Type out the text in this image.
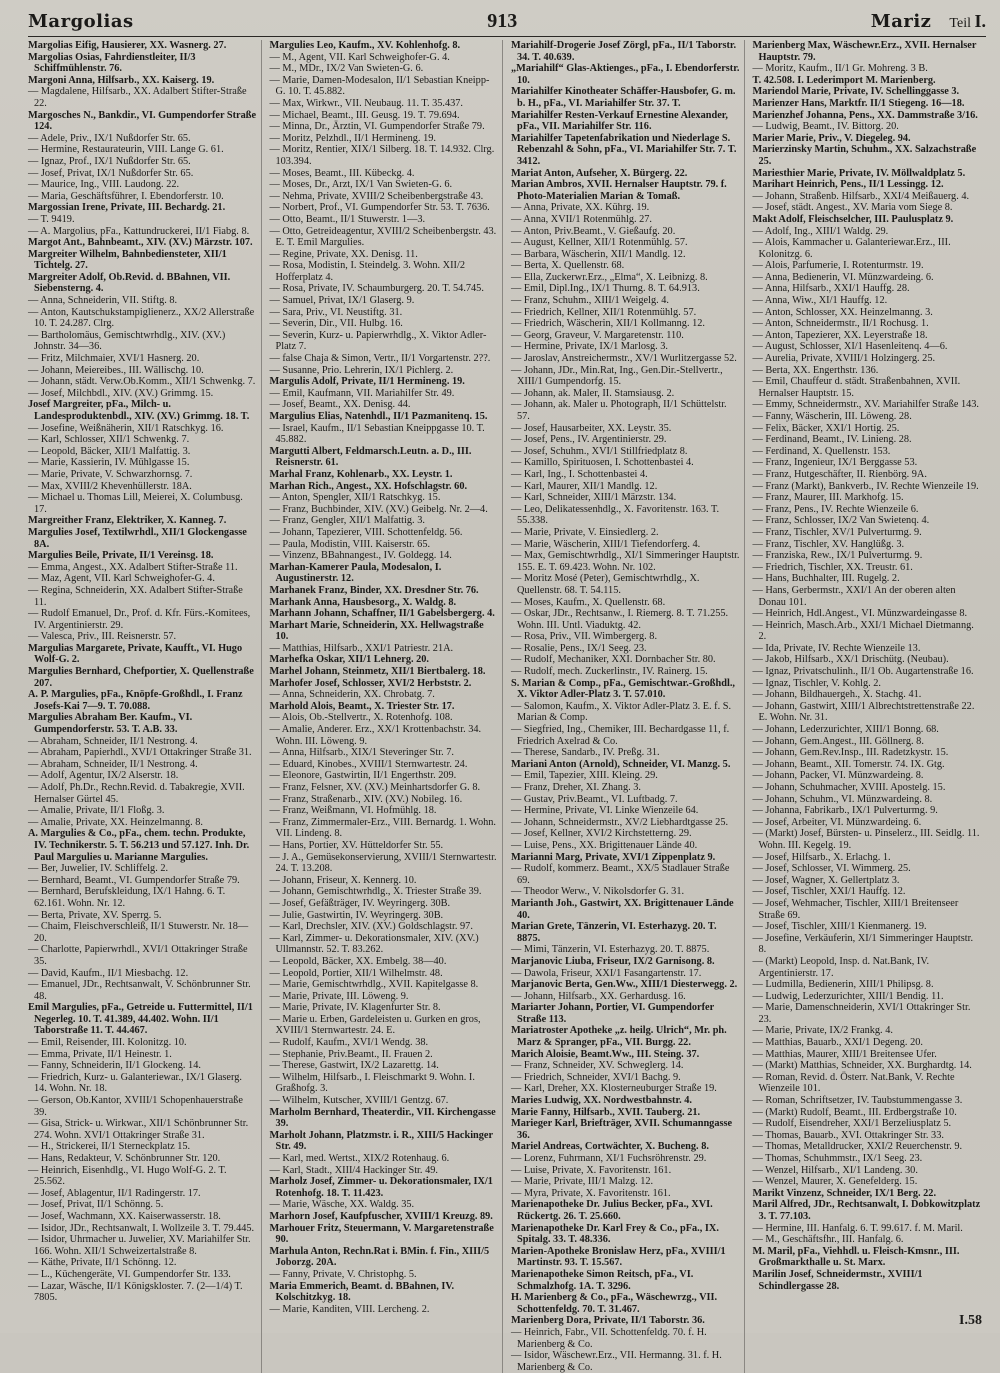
Margolias	913	Mariz Teil I.
Margolias Eifig, Hausierer, XX. Wasnerg. 27.
Margolias Osias, Fahrdienstleiter, II/3 Schiffmühlenstr. 76.
Margoni Anna, Hilfsarb., XX. Kaiserg. 19.
— Magdalene, Hilfsarb., XX. Adalbert Stifter-Straße 22.
Margosches N., Bankdir., VI. Gumpendorfer Straße 124.
— Adele, Priv., IX/1 Nußdorfer Str. 65.
— Hermine, Restaurateurin, VIII. Lange G. 61.
— Ignaz, Prof., IX/1 Nußdorfer Str. 65.
— Josef, Privat, IX/1 Nußdorfer Str. 65.
— Maurice, Ing., VIII. Laudong. 22.
— Maria, Geschäftsführer, I. Ebendorferstr. 10.
Margossian Irene, Private, III. Bechardg. 21.
— T. 9419.
— A. Margolius, pFa., Kattundruckerei, II/1 Fiabg. 8.
Margot Ant., Bahnbeamt., XIV. (XV.) Märzstr. 107.
Margreiter Wilhelm, Bahnbediensteter, XII/1 Tichtelg. 27.
Margreiter Adolf, Ob.Revid. d. BBahnen, VII. Siebensterng. 4.
— Anna, Schneiderin, VII. Stiftg. 8.
— Anton, Kautschukstampiglienerz., XX/2 Allerstraße 10. T. 24.287. Clrg.
— Bartholomäus, Gemischtwrhdlg., XIV. (XV.) Johnstr. 34—36.
— Fritz, Milchmaier, XVI/1 Hasnerg. 20.
— Johann, Meiereibes., III. Wällischg. 10.
— Johann, städt. Verw.Ob.Komm., XII/1 Schwenkg. 7.
— Josef, Milchbdl., XIV. (XV.) Grimmg. 15.
Josef Margreiter, pFa., Milch- u. Landesproduktenbdl., XIV. (XV.) Grimmg. 18. T.
— Josefine, Weißnäherin, XII/1 Ratschkyg. 16.
— Karl, Schlosser, XII/1 Schwenkg. 7.
— Leopold, Bäcker, XII/1 Malfattig. 3.
— Marie, Kassierin, IV. Mühlgasse 15.
— Marie, Private, V. Schwarzhornsg. 7.
— Max, XVIII/2 Khevenhüllerstr. 18A.
— Michael u. Thomas Lill, Meierei, X. Columbusg. 17.
Margreither Franz, Elektriker, X. Kanneg. 7.
Margulies Josef, Textilwrhdl., XII/1 Glockengasse 8A.
Margulies Beile, Private, II/1 Vereinsg. 18.
— Emma, Angest., XX. Adalbert Stifter-Straße 11.
— Maz, Agent, VII. Karl Schweighofer-G. 4.
— Regina, Schneiderin, XX. Adalbert Stifter-Straße 11.
— Rudolf Emanuel, Dr., Prof. d. Kfr. Fürs.-Komitees, IV. Argentinierstr. 29.
— Valesca, Priv., III. Reisnerstr. 57.
Margulias Margarete, Private, Kaufft., VI. Hugo Wolf-G. 2.
Margulies Bernhard, Chefportier, X. Quellenstraße 207.
A. P. Margulies, pFa., Knöpfe-Großhdl., I. Franz Josefs-Kai 7—9. T. 70.088.
Margulies Abraham Ber. Kaufm., VI. Gumpendorferstr. 53. T. A.B. 33.
— Abraham, Schneider, II/1 Nestrong. 4.
— Abraham, Papierhdl., XVI/1 Ottakringer Straße 31.
— Abraham, Schneider, II/1 Nestrong. 4.
— Adolf, Agentur, IX/2 Alserstr. 18.
— Adolf, Ph.Dr., Rechn.Revid. d. Tabakregie, XVII. Hernalser Gürtel 45.
— Amalie, Private, II/1 Floßg. 3.
— Amalie, Private, XX. Heinzelmanng. 8.
A. Margulies & Co., pFa., chem. techn. Produkte, IV. Technikerstr. 5. T. 56.213 und 57.127. Inh. Dr. Paul Margulies u. Marianne Margulies.
— Ber, Juwelier, IV. Schliffelg. 2.
— Bernhard, Beamt., VI. Gumpendorfer Straße 79.
— Bernhard, Berufskleidung, IX/1 Hahng. 6. T. 62.161. Wohn. Nr. 12.
— Berta, Private, XV. Sperrg. 5.
— Chaim, Fleischverschleiß, II/1 Stuwerstr. Nr. 18—20.
— Charlotte, Papierwrhdl., XVI/1 Ottakringer Straße 35.
— David, Kaufm., II/1 Miesbachg. 12.
— Emanuel, JDr., Rechtsanwalt, V. Schönbrunner Str. 48.
Emil Margulies, pFa., Getreide u. Futtermittel, II/1 Negerleg. 10. T. 41.389, 44.402. Wohn. II/1 Taborstraße 11. T. 44.467.
— Emil, Reisender, III. Kolonitzg. 10.
— Emma, Private, II/1 Heinestr. 1.
— Fanny, Schneiderin, II/1 Glockeng. 14.
— Friedrich, Kurz- u. Galanteriewar., IX/1 Glaserg. 14. Wohn. Nr. 18.
— Gerson, Ob.Kantor, XVIII/1 Schopenhauerstraße 39.
— Gisa, Strick- u. Wirkwar., XII/1 Schönbrunner Str. 274. Wohn. XVI/1 Ottakringer Straße 31.
— H., Strickerei, II/1 Sterneckplatz 15.
— Hans, Redakteur, V. Schönbrunner Str. 120.
— Heinrich, Eisenhdlg., VI. Hugo Wolf-G. 2. T. 25.562.
— Josef, Ablagentur, II/1 Radingerstr. 17.
— Josef, Privat, II/1 Schönng. 5.
— Josef, Wachmann, XX. Kaiserwasserstr. 18.
— Isidor, JDr., Rechtsanwalt, I. Wollzeile 3. T. 79.445.
— Isidor, Uhrmacher u. Juwelier, XV. Mariahilfer Str. 166. Wohn. XII/1 Schweizertalstraße 8.
— Käthe, Private, II/1 Schönng. 12.
— L., Küchengeräte, VI. Gumpendorfer Str. 133.
— Lazar, Wäsche, II/1 Königskloster. 7. (2—1/4) T. 7805.
Margulies Leo, Kaufm., XV. Kohlenhofg. 8.
— M., Agent, VII. Karl Schweighofer-G. 4.
— M., MDr., IX/2 Van Swieten-G. 6.
— Marie, Damen-Modesalon, II/1 Sebastian Kneipp-G. 10. T. 45.882.
— Max, Wirkwr., VII. Neubaug. 11. T. 35.437.
— Michael, Beamt., III. Geusg. 19. T. 79.694.
— Minna, Dr., Ärztin, VI. Gumpendorfer Straße 79.
— Moritz, Pelzhdl., II/1 Hermineng. 19.
— Moritz, Rentier, XIX/1 Silberg. 18. T. 14.932. Clrg. 103.394.
— Moses, Beamt., III. Kübeckg. 4.
— Moses, Dr., Arzt, IX/1 Van Swieten-G. 6.
— Nehma, Private, XVIII/2 Scheibenbergstraße 43.
— Norbert, Prof., VI. Gumpendorfer Str. 53. T. 7636.
— Otto, Beamt., II/1 Stuwerstr. 1—3.
— Otto, Getreideagentur, XVIII/2 Scheibenbergstr. 43. E. T. Emil Margulies.
— Regine, Private, XX. Denisg. 11.
— Rosa, Modistin, I. Steindelg. 3. Wohn. XII/2 Hofferplatz 4.
— Rosa, Private, IV. Schaumburgerg. 20. T. 54.745.
— Samuel, Privat, IX/1 Glaserg. 9.
— Sara, Priv., VI. Neustiftg. 31.
— Severin, Dir., VII. Hulbg. 16.
— Severin, Kurz- u. Papierwrhdlg., X. Viktor Adler-Platz 7.
— false Chaja & Simon, Vertr., II/1 Vorgartenstr. 2??.
— Susanne, Prio. Lehrerin, IX/1 Pichlerg. 2.
Margulis Adolf, Private, II/1 Hermineng. 19.
— Emil, Kaufmann, VII. Mariahilfer Str. 49.
— Josef, Beamt., XX. Denisg. 44.
Margulius Elias, Natenhdl., II/1 Pazmanitenq. 15.
— Israel, Kaufm., II/1 Sebastian Kneippgasse 10. T. 45.882.
Margutti Albert, Feldmarsch.Leutn. a. D., III. Reisnerstr. 61.
Marhal Franz, Kohlenarb., XX. Leystr. 1.
Marhan Rich., Angest., XX. Hofschlagstr. 60.
— Anton, Spengler, XII/1 Ratschkyg. 15.
— Franz, Buchbinder, XIV. (XV.) Geibelg. Nr. 2—4.
— Franz, Gengler, XII/1 Malfattig. 3.
— Johann, Tapezierer, VIII. Schottenfeldg. 56.
— Paula, Modistin, VIII. Kaiserstr. 65.
— Vinzenz, BBahnangest., IV. Goldegg. 14.
Marhan-Kamerer Paula, Modesalon, I. Augustinerstr. 12.
Marhanek Franz, Binder, XX. Dresdner Str. 76.
Marhank Anna, Hausbesorg., X. Waldg. 8.
Marhann Johann, Schaffner, II/1 Gabelsbergerg. 4.
Marhart Marie, Schneiderin, XX. Hellwagstraße 10.
— Matthias, Hilfsarb., XXI/1 Patriestr. 21A.
Marhefka Oskar, XII/1 Lehnerg. 20.
Marhel Johann, Steinmetz, XII/1 Biertbalerg. 18.
Marhofer Josef, Schlosser, XVI/2 Herbststr. 2.
— Anna, Schneiderin, XX. Chrobatg. 7.
Marhold Alois, Beamt., X. Triester Str. 17.
— Alois, Ob.-Stellvertr., X. Rotenhofg. 108.
— Amalie, Anderer. Erz., XX/1 Krottenbachstr. 34. Wohn. III. Löweng. 9.
— Anna, Hilfsarb., XIX/1 Steveringer Str. 7.
— Eduard, Kinobes., XVIII/1 Sternwartestr. 24.
— Eleonore, Gastwirtin, II/1 Engerthstr. 209.
— Franz, Felsner, XV. (XV.) Meinhartsdorfer G. 8.
— Franz, Straßenarb., XIV. (XV.) Nobileg. 16.
— Franz, Weißmann, VI. Hofmühlg. 18.
— Franz, Zimmermaler-Erz., VIII. Bernardg. 1. Wohn. VII. Lindeng. 8.
— Hans, Portier, XV. Hütteldorfer Str. 55.
— J. A., Gemüsekonservierung, XVIII/1 Sternwartestr. 24. T. 13.208.
— Johann, Friseur, X. Kennerg. 10.
— Johann, Gemischtwrhdlg., X. Triester Straße 39.
— Josef, Gefäßträger, IV. Weyringerg. 30B.
— Julie, Gastwirtin, IV. Weyringerg. 30B.
— Karl, Drechsler, XIV. (XV.) Goldschlagstr. 97.
— Karl, Zimmer- u. Dekorationsmaler, XIV. (XV.) Ullmannstr. 52. T. 83.262.
— Leopold, Bäcker, XX. Embelg. 38—40.
— Leopold, Portier, XII/1 Wilhelmstr. 48.
— Marie, Gemischtwrhdlg., XVII. Kapitelgasse 8.
— Marie, Private, III. Löweng. 9.
— Marie, Private, IV. Klagenfurter Str. 8.
— Marie u. Erben, Gardeleisten u. Gurken en gros, XVIII/1 Sternwartestr. 24. E.
— Rudolf, Kaufm., XVI/1 Wendg. 38.
— Stephanie, Priv.Beamt., II. Frauen 2.
— Therese, Gastwirt, IX/2 Lazarettg. 14.
— Wilhelm, Hilfsarb., I. Fleischmarkt 9. Wohn. I. Graßhofg. 3.
— Wilhelm, Kutscher, XVIII/1 Gentzg. 67.
Marholm Bernhard, Theaterdir., VII. Kirchengasse 39.
Marholt Johann, Platzmstr. i. R., XIII/5 Hackinger Str. 49.
— Karl, med. Wertst., XIX/2 Rotenhaug. 6.
— Karl, Stadt., XIII/4 Hackinger Str. 49.
Marholz Josef, Zimmer- u. Dekorationsmaler, IX/1 Rotenhofg. 18. T. 11.423.
— Marie, Wäsche, XX. Waldg. 35.
Marhorn Josef, Kaufpfuscher, XVIII/1 Kreuzg. 89.
Marhouer Fritz, Steuermann, V. Margaretenstraße 90.
Marhula Anton, Rechn.Rat i. BMin. f. Fin., XIII/5 Joborzg. 20A.
— Fanny, Private, V. Christophg. 5.
Maria Emmerich, Beamt. d. BBahnen, IV. Kolschitzkyg. 18.
— Marie, Kanditen, VIII. Lercheng. 2.
Mariahilf-Drogerie Josef Zörgl, pFa., II/1 Taborstr. 34. T. 40.639.
„Mariahilf“ Glas-Aktienges., pFa., I. Ebendorferstr. 10.
Mariahilfer Kinotheater Schäffer-Hausbofer, G. m. b. H., pFa., VI. Mariahilfer Str. 37. T.
Mariahilfer Resten-Verkauf Ernestine Alexander, pFa., VII. Mariahilfer Str. 116.
Mariahilfer Tapetenfabrikation und Niederlage S. Rebenzahl & Sohn, pFa., VI. Mariahilfer Str. 7. T. 3412.
Mariat Anton, Aufseher, X. Bürgerg. 22.
Marian Ambros, XVII. Hernalser Hauptstr. 79. f. Photo-Materialien Marian & Tomaß.
— Anna, Private, XX. Kührg. 19.
— Anna, XVII/1 Rotenmühlg. 27.
— Anton, Priv.Beamt., V. Gießaufg. 20.
— August, Kellner, XII/1 Rotenmühlg. 57.
— Barbara, Wäscherin, XII/1 Mandlg. 12.
— Berta, X. Quellenstr. 68.
— Ella, Zuckerwr.Erz., „Elma“, X. Leibnizg. 8.
— Emil, Dipl.Ing., IX/1 Thurng. 8. T. 64.913.
— Franz, Schuhm., XIII/1 Weigelg. 4.
— Friedrich, Kellner, XII/1 Rotenmühlg. 57.
— Friedrich, Wäscherin, XII/1 Kollmanng. 12.
— Georg, Graveur, V. Margaretenstr. 110.
— Hermine, Private, IX/1 Marlosg. 3.
— Jaroslav, Anstreichermstr., XV/1 Wurlitzergasse 52.
— Johann, JDr., Min.Rat, Ing., Gen.Dir.-Stellvertr., XIII/1 Gumpendorfg. 15.
— Johann, ak. Maler, II. Stamsiausg. 2.
— Johann, ak. Maler u. Photograph, II/1 Schüttelstr. 57.
— Josef, Hausarbeiter, XX. Leystr. 35.
— Josef, Pens., IV. Argentinierstr. 29.
— Josef, Schuhm., XVI/1 Stillfriedplatz 8.
— Kamillo, Spirituosen, I. Schottenbastei 4.
— Karl, Ing., I. Schottenbastei 4.
— Karl, Maurer, XII/1 Mandlg. 12.
— Karl, Schneider, XIII/1 Märzstr. 134.
— Leo, Delikatessenhdlg., X. Favoritenstr. 163. T. 55.338.
— Marie, Private, V. Einsiedlerg. 2.
— Marie, Wäscherin, XIII/1 Tiefendorferg. 4.
— Max, Gemischtwrhdlg., XI/1 Simmeringer Hauptstr. 155. E. T. 69.423. Wohn. Nr. 102.
— Moritz Mosé (Peter), Gemischtwrhdlg., X. Quellenstr. 68. T. 54.115.
— Moses, Kaufm., X. Quellenstr. 68.
— Oskar, JDr., Rechtsanw., I. Riemerg. 8. T. 71.255. Wohn. III. Untl. Viaduktg. 42.
— Rosa, Priv., VII. Wimbergerg. 8.
— Rosalie, Pens., IX/1 Seeg. 23.
— Rudolf, Mechaniker, XXI. Dornbacher Str. 80.
— Rudolf, mech. Zuckerlinstr., IV. Rainerg. 15.
S. Marian & Comp., pFa., Gemischtwar.-Großhdl., X. Viktor Adler-Platz 3. T. 57.010.
— Salomon, Kaufm., X. Viktor Adler-Platz 3. E. f. S. Marian & Comp.
— Siegfried, Ing., Chemiker, III. Bechardgasse 11, f. Friedrich Axelrad & Co.
— Therese, Sandarb., IV. Preßg. 31.
Mariani Anton (Arnold), Schneider, VI. Manzg. 5.
— Emil, Tapezier, XIII. Kleing. 29.
— Franz, Dreher, XI. Zhang. 3.
— Gustav, Priv.Beamt., VI. Luftbadg. 7.
— Hermine, Private, VI. Linke Wienzeile 64.
— Johann, Schneidermstr., XV/2 Liebhardtgasse 25.
— Josef, Kellner, XVI/2 Kirchstetterng. 29.
— Luise, Pens., XX. Brigittenauer Lände 40.
Marianni Marg, Private, XVI/1 Zippenplatz 9.
— Rudolf, kommerz. Beamt., XX/5 Stadlauer Straße 69.
— Theodor Werw., V. Nikolsdorfer G. 31.
Marianth Joh., Gastwirt, XX. Brigittenauer Lände 40.
Marian Grete, Tänzerin, VI. Esterhazyg. 20. T. 8875.
— Mimi, Tänzerin, VI. Esterhazyg. 20. T. 8875.
Marjanovic Liuba, Friseur, IX/2 Garnisong. 8.
— Dawola, Friseur, XXI/1 Fasangartenstr. 17.
Marjanovic Berta, Gen.Ww., XIII/1 Diesterwegg. 2.
— Johann, Hilfsarb., XX. Gerhardusg. 16.
Mariarter Johann, Portier, VI. Gumpendorfer Straße 113.
Mariatroster Apotheke „z. heilg. Ulrich“, Mr. ph. Marz & Spranger, pFa., VII. Burgg. 22.
Marich Aloisie, Beamt.Ww., III. Steing. 37.
— Franz, Schneider, XV. Schweglerg. 14.
— Friedrich, Schneider, XVI/1 Bachg. 9.
— Karl, Dreher, XX. Klosterneuburger Straße 19.
Maries Ludwig, XX. Nordwestbahnstr. 4.
Marie Fanny, Hilfsarb., XVII. Tauberg. 21.
Marieger Karl, Briefträger, XVII. Schumanngasse 36.
Mariel Andreas, Cortwächter, X. Bucheng. 8.
— Lorenz, Fuhrmann, XI/1 Fuchsröhrenstr. 29.
— Luise, Private, X. Favoritenstr. 161.
— Marie, Private, III/1 Malzg. 12.
— Myra, Private, X. Favoritenstr. 161.
Marienapotheke Dr. Julius Becker, pFa., XVI. Rückertg. 26. T. 25.660.
Marienapotheke Dr. Karl Frey & Co., pFa., IX. Spitalg. 33. T. 48.336.
Marien-Apotheke Bronislaw Herz, pFa., XVIII/1 Martinstr. 93. T. 15.567.
Marienapotheke Simon Reitsch, pFa., VI. Schmalzhofg. 1A. T. 3296.
H. Marienberg & Co., pFa., Wäschewrzg., VII. Schottenfeldg. 70. T. 31.467.
Marienberg Dora, Private, II/1 Taborstr. 36.
— Heinrich, Fabr., VII. Schottenfeldg. 70. f. H. Marienberg & Co.
— Isidor, Wäschewr.Erz., VII. Hermanng. 31. f. H. Marienberg & Co.
Marienberg Max, Wäschewr.Erz., XVII. Hernalser Hauptstr. 79.
— Moritz, Kaufm., II/1 Gr. Mohreng. 3 B.
T. 42.508. I. Lederimport M. Marienberg.
Mariendol Marie, Private, IV. Schellinggasse 3.
Marienzer Hans, Marktfr. II/1 Stiegeng. 16—18.
Marienzhef Johanna, Pens., XX. Dammstraße 3/16.
— Ludwig, Beamt., IV. Bittorg. 20.
Marier Marie, Priv., V. Diegeleg. 94.
Marierzinsky Martin, Schuhm., XX. Salzachstraße 25.
Mariesthier Marie, Private, IV. Möllwaldplatz 5.
Marihart Heinrich, Pens., II/1 Lessingg. 12.
— Johann, Straßenb. Hilfsarb., XXI/4 Meißauerg. 4.
— Josef, städt. Angest., XV. Maria vom Siege 8.
Makt Adolf, Fleischselcher, III. Paulusplatz 9.
— Adolf, Ing., XIII/1 Waldg. 29.
— Alois, Kammacher u. Galanteriewar.Erz., III. Kolonitzg. 6.
— Alois, Parfumerie, I. Rotenturmstr. 19.
— Anna, Bedienerin, VI. Münzwardeing. 6.
— Anna, Hilfsarb., XXI/1 Hauffg. 28.
— Anna, Wiw., XI/1 Hauffg. 12.
— Anton, Schlosser, XX. Heinzelmanng. 3.
— Anton, Schneidermstr., II/1 Rochusg. 1.
— Anton, Tapezierer, XX. Leyerstraße 18.
— August, Schlosser, XI/1 Hasenleitenq. 4—6.
— Aurelia, Private, XVIII/1 Holzingerg. 25.
— Berta, XX. Engerthstr. 136.
— Emil, Chauffeur d. städt. Straßenbahnen, XVII. Hernalser Hauptstr. 15.
— Emmy, Schneidermstr., XV. Mariahilfer Straße 143.
— Fanny, Wäscherin, III. Löweng. 28.
— Felix, Bäcker, XXI/1 Hortig. 25.
— Ferdinand, Beamt., IV. Linieng. 28.
— Ferdinand, X. Quellenstr. 153.
— Franz, Ingenieur, IX/1 Berggasse 53.
— Franz, Hutgeschäfter, II. Rienbörg. 9A.
— Franz (Markt), Bankverb., IV. Rechte Wienzeile 19.
— Franz, Maurer, III. Markhofg. 15.
— Franz, Pens., IV. Rechte Wienzeile 6.
— Franz, Schlosser, IX/2 Van Swietenq. 4.
— Franz, Tischler, XV/1 Pulverturmg. 9.
— Franz, Tischler, XV. Hanglüßg. 3.
— Franziska, Rew., IX/1 Pulverturmg. 9.
— Friedrich, Tischler, XX. Treustr. 61.
— Hans, Buchhalter, III. Rugelg. 2.
— Hans, Gerbermstr., XXI/1 An der oberen alten Donau 101.
— Heinrich, Hdl.Angest., VI. Münzwardeingasse 8.
— Heinrich, Masch.Arb., XXI/1 Michael Dietmanng. 2.
— Ida, Private, IV. Rechte Wienzeile 13.
— Jakob, Hilfsarb., XX/1 Drischütg. (Neubau).
— Ignaz, Privatschulinh., II/1 Ob. Augartenstraße 16.
— Ignaz, Tischler, V. Kohlg. 2.
— Johann, Bildhauergeh., X. Stachg. 41.
— Johann, Gastwirt, XIII/1 Albrechtstrettenstraße 22. E. Wohn. Nr. 31.
— Johann, Lederzurichter, XIII/1 Bonng. 68.
— Johann, Gem.Angest., III. Göllnerg. 8.
— Johann, Gem.Rev.Insp., III. Radetzkystr. 15.
— Johann, Beamt., XII. Tomerstr. 74. IX. Gtg.
— Johann, Packer, VI. Münzwardeing. 8.
— Johann, Schuhmacher, XVIII. Apostelg. 15.
— Johann, Schuhm., VI. Münzwardeing. 8.
— Johanna, Fabrikarb., IX/1 Pulverturmg. 9.
— Josef, Arbeiter, VI. Münzwardeing. 6.
— (Markt) Josef, Bürsten- u. Pinselerz., III. Seidlg. 11. Wohn. III. Kegelg. 19.
— Josef, Hilfsarb., X. Erlachg. 1.
— Josef, Schlosser, VI. Wimmerg. 25.
— Josef, Wagner, X. Gellertplatz 3.
— Josef, Tischler, XXI/1 Hauffg. 12.
— Josef, Wehmacher, Tischler, XIII/1 Breitenseer Straße 69.
— Josef, Tischler, XIII/1 Kienmanerg. 19.
— Josefine, Verkäuferin, XI/1 Simmeringer Hauptstr. 8.
— (Markt) Leopold, Insp. d. Nat.Bank, IV. Argentinierstr. 17.
— Ludmilla, Bedienerin, XIII/1 Philipsg. 8.
— Ludwig, Lederzurichter, XIII/1 Bendig. 11.
— Marie, Damenschneiderin, XVI/1 Ottakringer Str. 23.
— Marie, Private, IX/2 Frankg. 4.
— Matthias, Bauarb., XXI/1 Degeng. 20.
— Matthias, Maurer, XIII/1 Breitensee Ufer.
— (Markt) Matthias, Schneider, XX. Burghardtg. 14.
— Roman, Revid. d. Österr. Nat.Bank, V. Rechte Wienzeile 101.
— Roman, Schriftsetzer, IV. Taubstummengasse 3.
— (Markt) Rudolf, Beamt., III. Erdbergstraße 10.
— Rudolf, Eisendreher, XXI/1 Berzeliusplatz 5.
— Thomas, Bauarb., XVI. Ottakringer Str. 33.
— Thomas, Metalldrucker, XXI/2 Reuerchenstr. 9.
— Thomas, Schuhmmstr., IX/1 Seeg. 23.
— Wenzel, Hilfsarb., XI/1 Landeng. 30.
— Wenzel, Maurer, X. Genefelderg. 15.
Marikt Vinzenz, Schneider, IX/1 Berg. 22.
Maril Alfred, JDr., Rechtsanwalt, I. Dobkowitzplatz 3. T. 77.103.
— Hermine, III. Hanfalg. 6. T. 99.617. f. M. Maril.
— M., Geschäftsfhr., III. Hanfalg. 6.
M. Maril, pFa., Viehhdl. u. Fleisch-Kmsnr., III. Großmarkthalle u. St. Marx.
Marilin Josef, Schneidermstr., XVIII/1 Schindlergasse 28.
I.58
